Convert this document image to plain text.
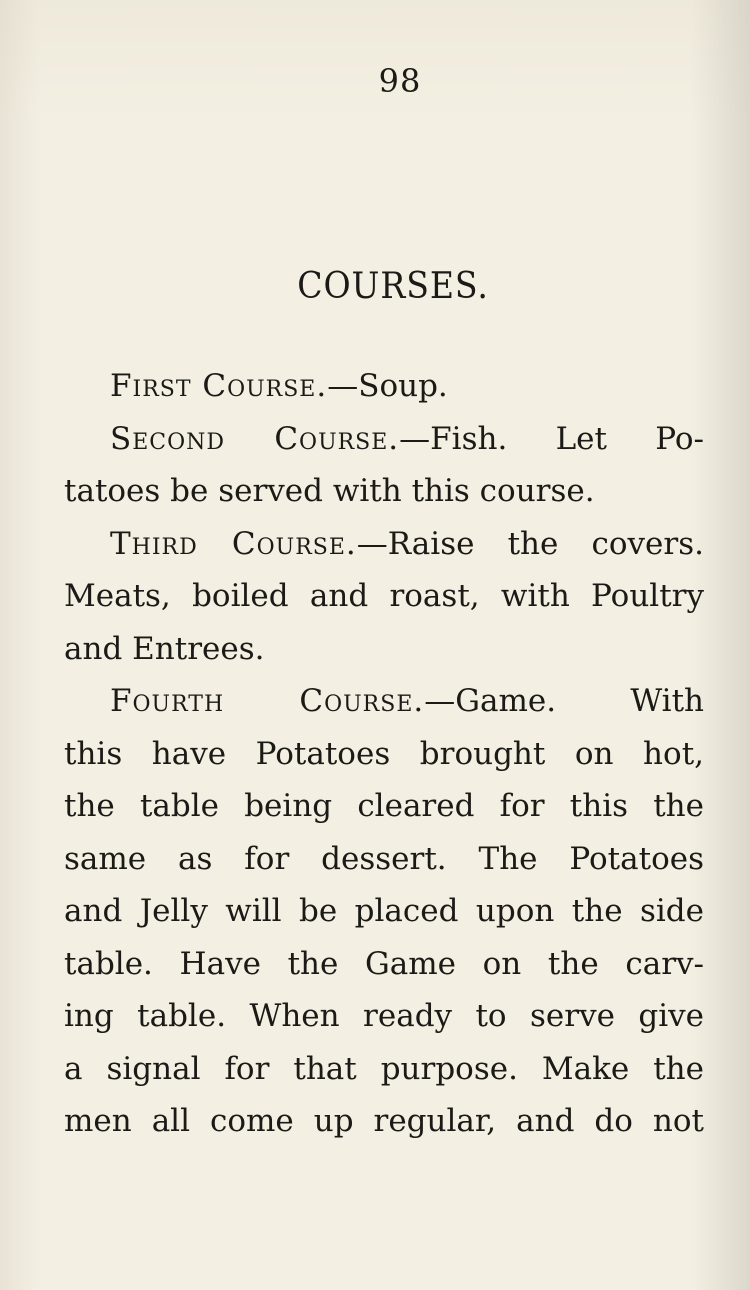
98
COURSES.
First Course.—Soup.
Second Course.—Fish. Let Po-
tatoes be served with this course.
Third Course.—Raise the covers.
Meats, boiled and roast, with Poultry
and Entrees.
Fourth Course.—Game. With
this have Potatoes brought on hot,
the table being cleared for this the
same as for dessert. The Potatoes
and Jelly will be placed upon the side
table. Have the Game on the carv-
ing table. When ready to serve give
a signal for that purpose. Make the
men all come up regular, and do not
